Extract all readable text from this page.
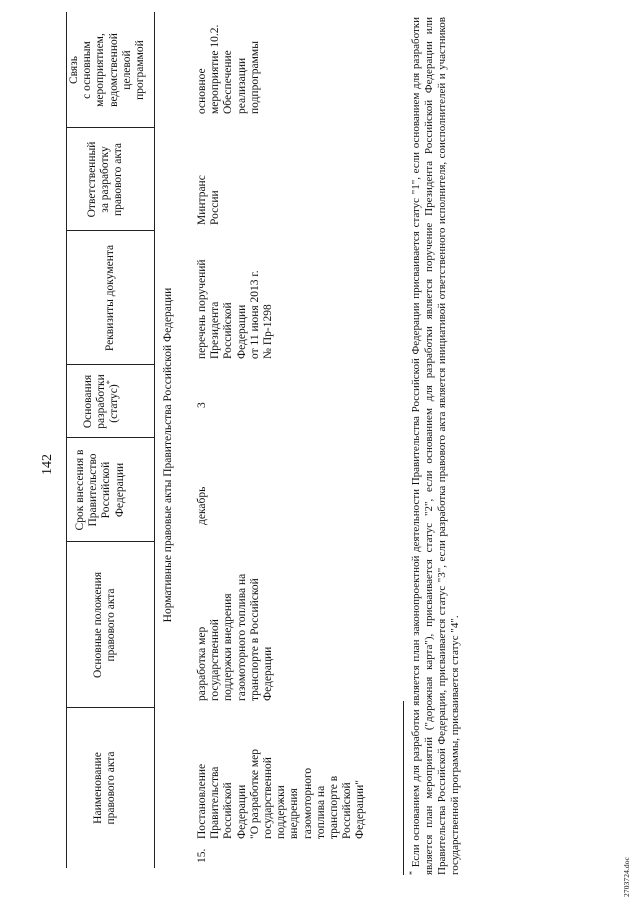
142
Наименование
правового акта
Основные положения
правового акта
Срок внесения в
Правительство
Российской
Федерации
Основания
разработки
(статус)*
Реквизиты документа
Ответственный
за разработку
правового акта
Связь
с основным
мероприятием,
ведомственной
целевой
программой
Нормативные правовые акты Правительства Российской Федерации
15.
Постановление
Правительства
Российской
Федерации
"О разработке мер
государственной
поддержки
внедрения
газомоторного
топлива на
транспорте в
Российской
Федерации"
разработка мер
государственной
поддержки внедрения
газомоторного топлива на
транспорте в Российской
Федерации
декабрь
3
перечень поручений
Президента
Российской
Федерации
от 11 июня 2013 г.
№ Пр-1298
Минтранс
России
основное
мероприятие 10.2.
Обеспечение
реализации
подпрограммы
* Если основанием для разработки является план законопроектной деятельности Правительства Российской Федерации присваивается статус "1", если основанием для разработки является план мероприятий ("дорожная карта"), присваивается статус "2", если основанием для разработки является поручение Президента Российской Федерации или Правительства Российской Федерации, присваивается статус "3", если разработка правового акта является инициативой ответственного исполнителя, соисполнителей и участников государственной программы, присваивается статус "4".
2703724.doc
